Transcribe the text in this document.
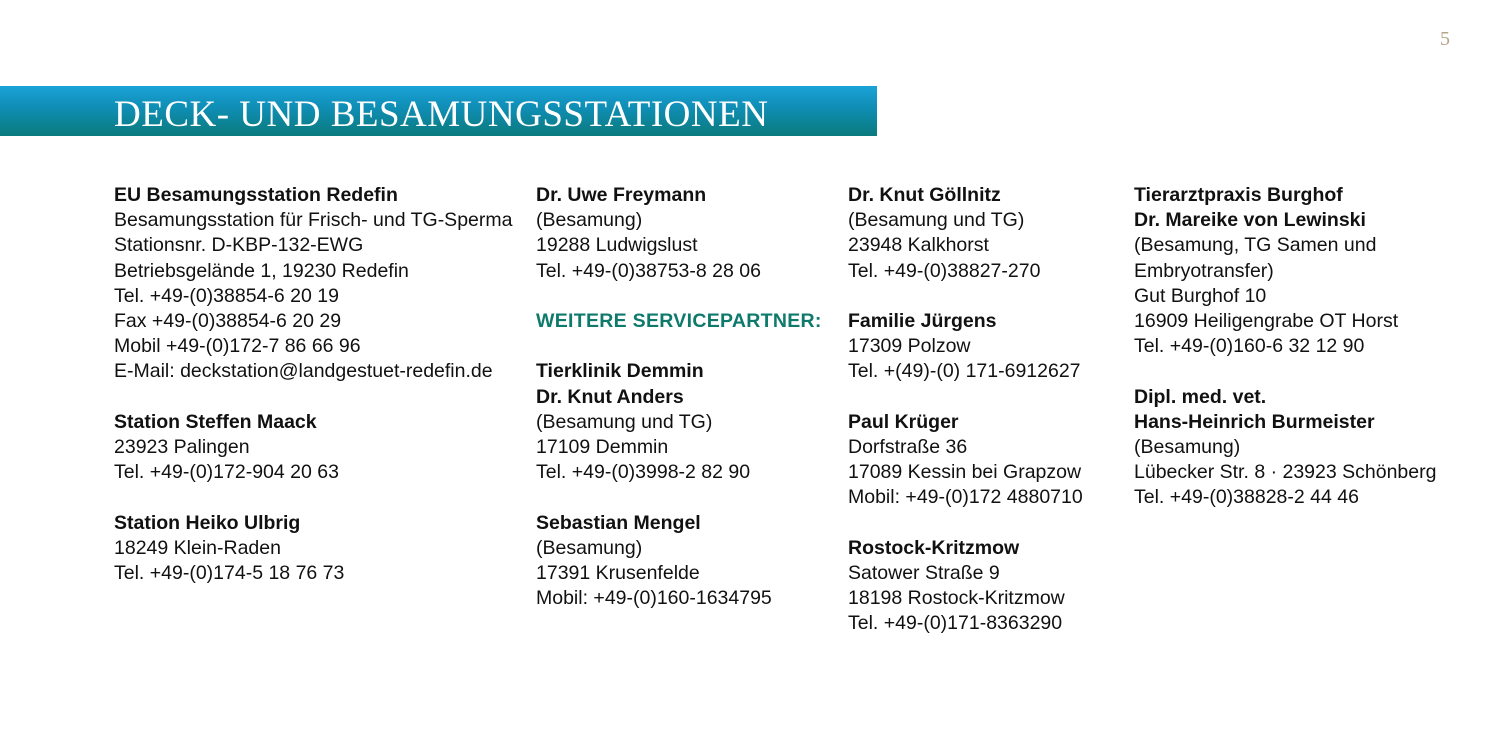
5
DECK- UND BESAMUNGSSTATIONEN
EU Besamungsstation Redefin
Besamungsstation für Frisch- und TG-Sperma
Stationsnr. D-KBP-132-EWG
Betriebsgelände 1, 19230 Redefin
Tel. +49-(0)38854-6 20 19
Fax +49-(0)38854-6 20 29
Mobil +49-(0)172-7 86 66 96
E-Mail: deckstation@landgestuet-redefin.de
Station Steffen Maack
23923 Palingen
Tel. +49-(0)172-904 20 63
Station Heiko Ulbrig
18249 Klein-Raden
Tel. +49-(0)174-5 18 76 73
Dr. Uwe Freymann
(Besamung)
19288 Ludwigslust
Tel. +49-(0)38753-8 28 06
WEITERE SERVICEPARTNER:
Tierklinik Demmin
Dr. Knut Anders
(Besamung und TG)
17109 Demmin
Tel. +49-(0)3998-2 82 90
Sebastian Mengel
(Besamung)
17391 Krusenfelde
Mobil: +49-(0)160-1634795
Dr. Knut Göllnitz
(Besamung und TG)
23948 Kalkhorst
Tel. +49-(0)38827-270
Familie Jürgens
17309 Polzow
Tel. +(49)-(0) 171-6912627
Paul Krüger
Dorfstraße 36
17089 Kessin bei Grapzow
Mobil: +49-(0)172 4880710
Rostock-Kritzmow
Satower Straße 9
18198 Rostock-Kritzmow
Tel. +49-(0)171-8363290
Tierarztpraxis Burghof
Dr. Mareike von Lewinski
(Besamung, TG Samen und
Embryotransfer)
Gut Burghof 10
16909 Heiligengrabe OT Horst
Tel. +49-(0)160-6 32 12 90
Dipl. med. vet.
Hans-Heinrich Burmeister
(Besamung)
Lübecker Str. 8 · 23923 Schönberg
Tel. +49-(0)38828-2 44 46
